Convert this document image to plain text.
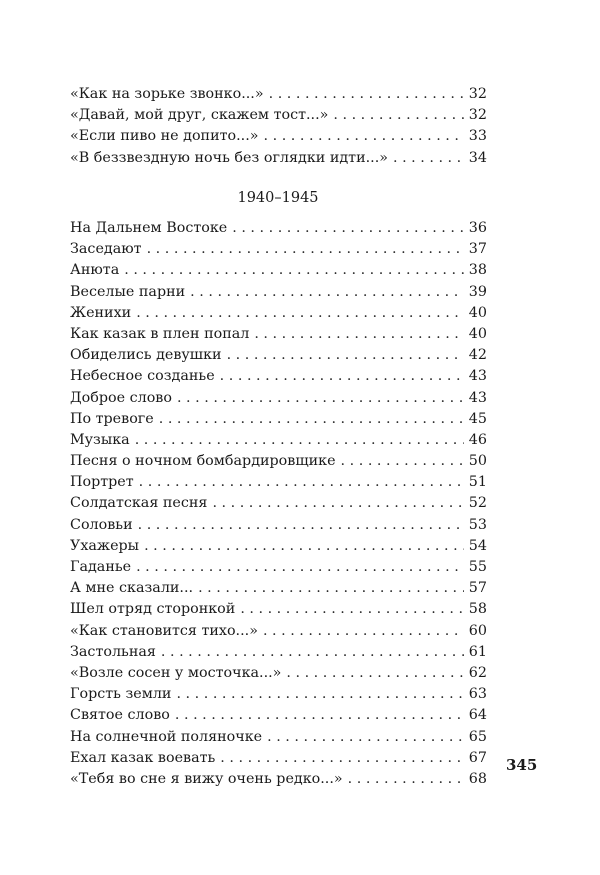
«Как на зорьке звонко...» . . .	32
«Давай, мой друг, скажем тост...» . . .	32
«Если пиво не допито...» . . .	33
«В беззвездную ночь без оглядки идти...» . . .	34
1940–1945
На Дальнем Востоке . . .	36
Заседают . . .	37
Анюта . . .	38
Веселые парни . . .	39
Женихи . . .	40
Как казак в плен попал . . .	40
Обиделись девушки . . .	42
Небесное созданье . . .	43
Доброе слово . . .	43
По тревоге . . .	45
Музыка . . .	46
Песня о ночном бомбардировщике . . .	50
Портрет . . .	51
Солдатская песня . . .	52
Соловьи . . .	53
Ухажеры . . .	54
Гаданье . . .	55
А мне сказали... . . .	57
Шел отряд сторонкой . . .	58
«Как становится тихо...» . . .	60
Застольная . . .	61
«Возле сосен у мосточка...» . . .	62
Горсть земли . . .	63
Святое слово . . .	64
На солнечной поляночке . . .	65
Ехал казак воевать . . .	67
«Тебя во сне я вижу очень редко...» . . .	68
345
